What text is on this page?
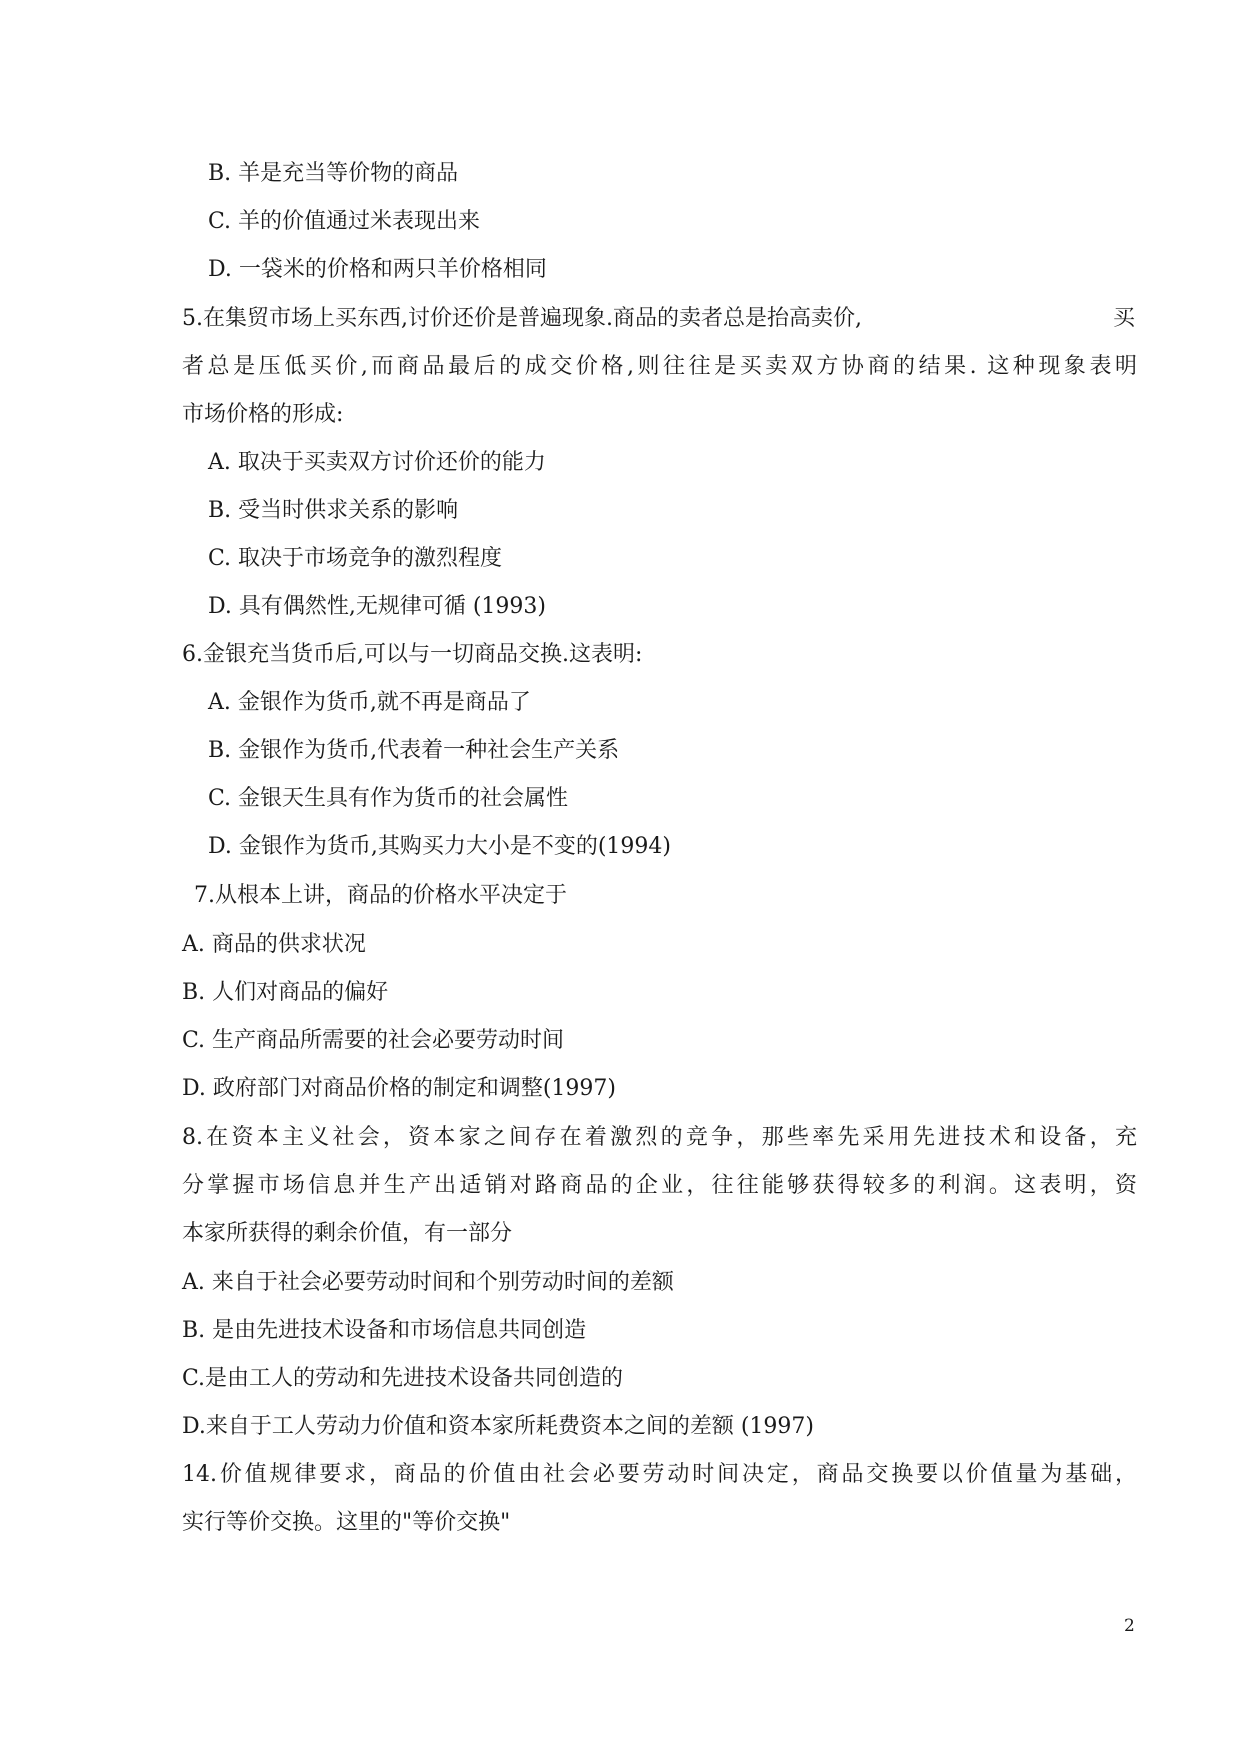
B. 羊是充当等价物的商品
C. 羊的价值通过米表现出来
D. 一袋米的价格和两只羊价格相同
5.在集贸市场上买东西,讨价还价是普遍现象.商品的卖者总是抬高卖价,	买
者总是压低买价,而商品最后的成交价格,则往往是买卖双方协商的结果. 这种现象表明
市场价格的形成:
A. 取决于买卖双方讨价还价的能力
B. 受当时供求关系的影响
C. 取决于市场竞争的激烈程度
D. 具有偶然性,无规律可循 (1993)
6.金银充当货币后,可以与一切商品交换.这表明:
A. 金银作为货币,就不再是商品了
B. 金银作为货币,代表着一种社会生产关系
C. 金银天生具有作为货币的社会属性
D. 金银作为货币,其购买力大小是不变的(1994)
7.从根本上讲，商品的价格水平决定于
A. 商品的供求状况
B. 人们对商品的偏好
C. 生产商品所需要的社会必要劳动时间
D. 政府部门对商品价格的制定和调整(1997)
8.在资本主义社会，资本家之间存在着激烈的竞争，那些率先采用先进技术和设备，充
分掌握市场信息并生产出适销对路商品的企业，往往能够获得较多的利润。这表明，资
本家所获得的剩余价值，有一部分
A. 来自于社会必要劳动时间和个别劳动时间的差额
B. 是由先进技术设备和市场信息共同创造
C.是由工人的劳动和先进技术设备共同创造的
D.来自于工人劳动力价值和资本家所耗费资本之间的差额 (1997)
14.价值规律要求，商品的价值由社会必要劳动时间决定，商品交换要以价值量为基础，
实行等价交换。这里的"等价交换"
2
